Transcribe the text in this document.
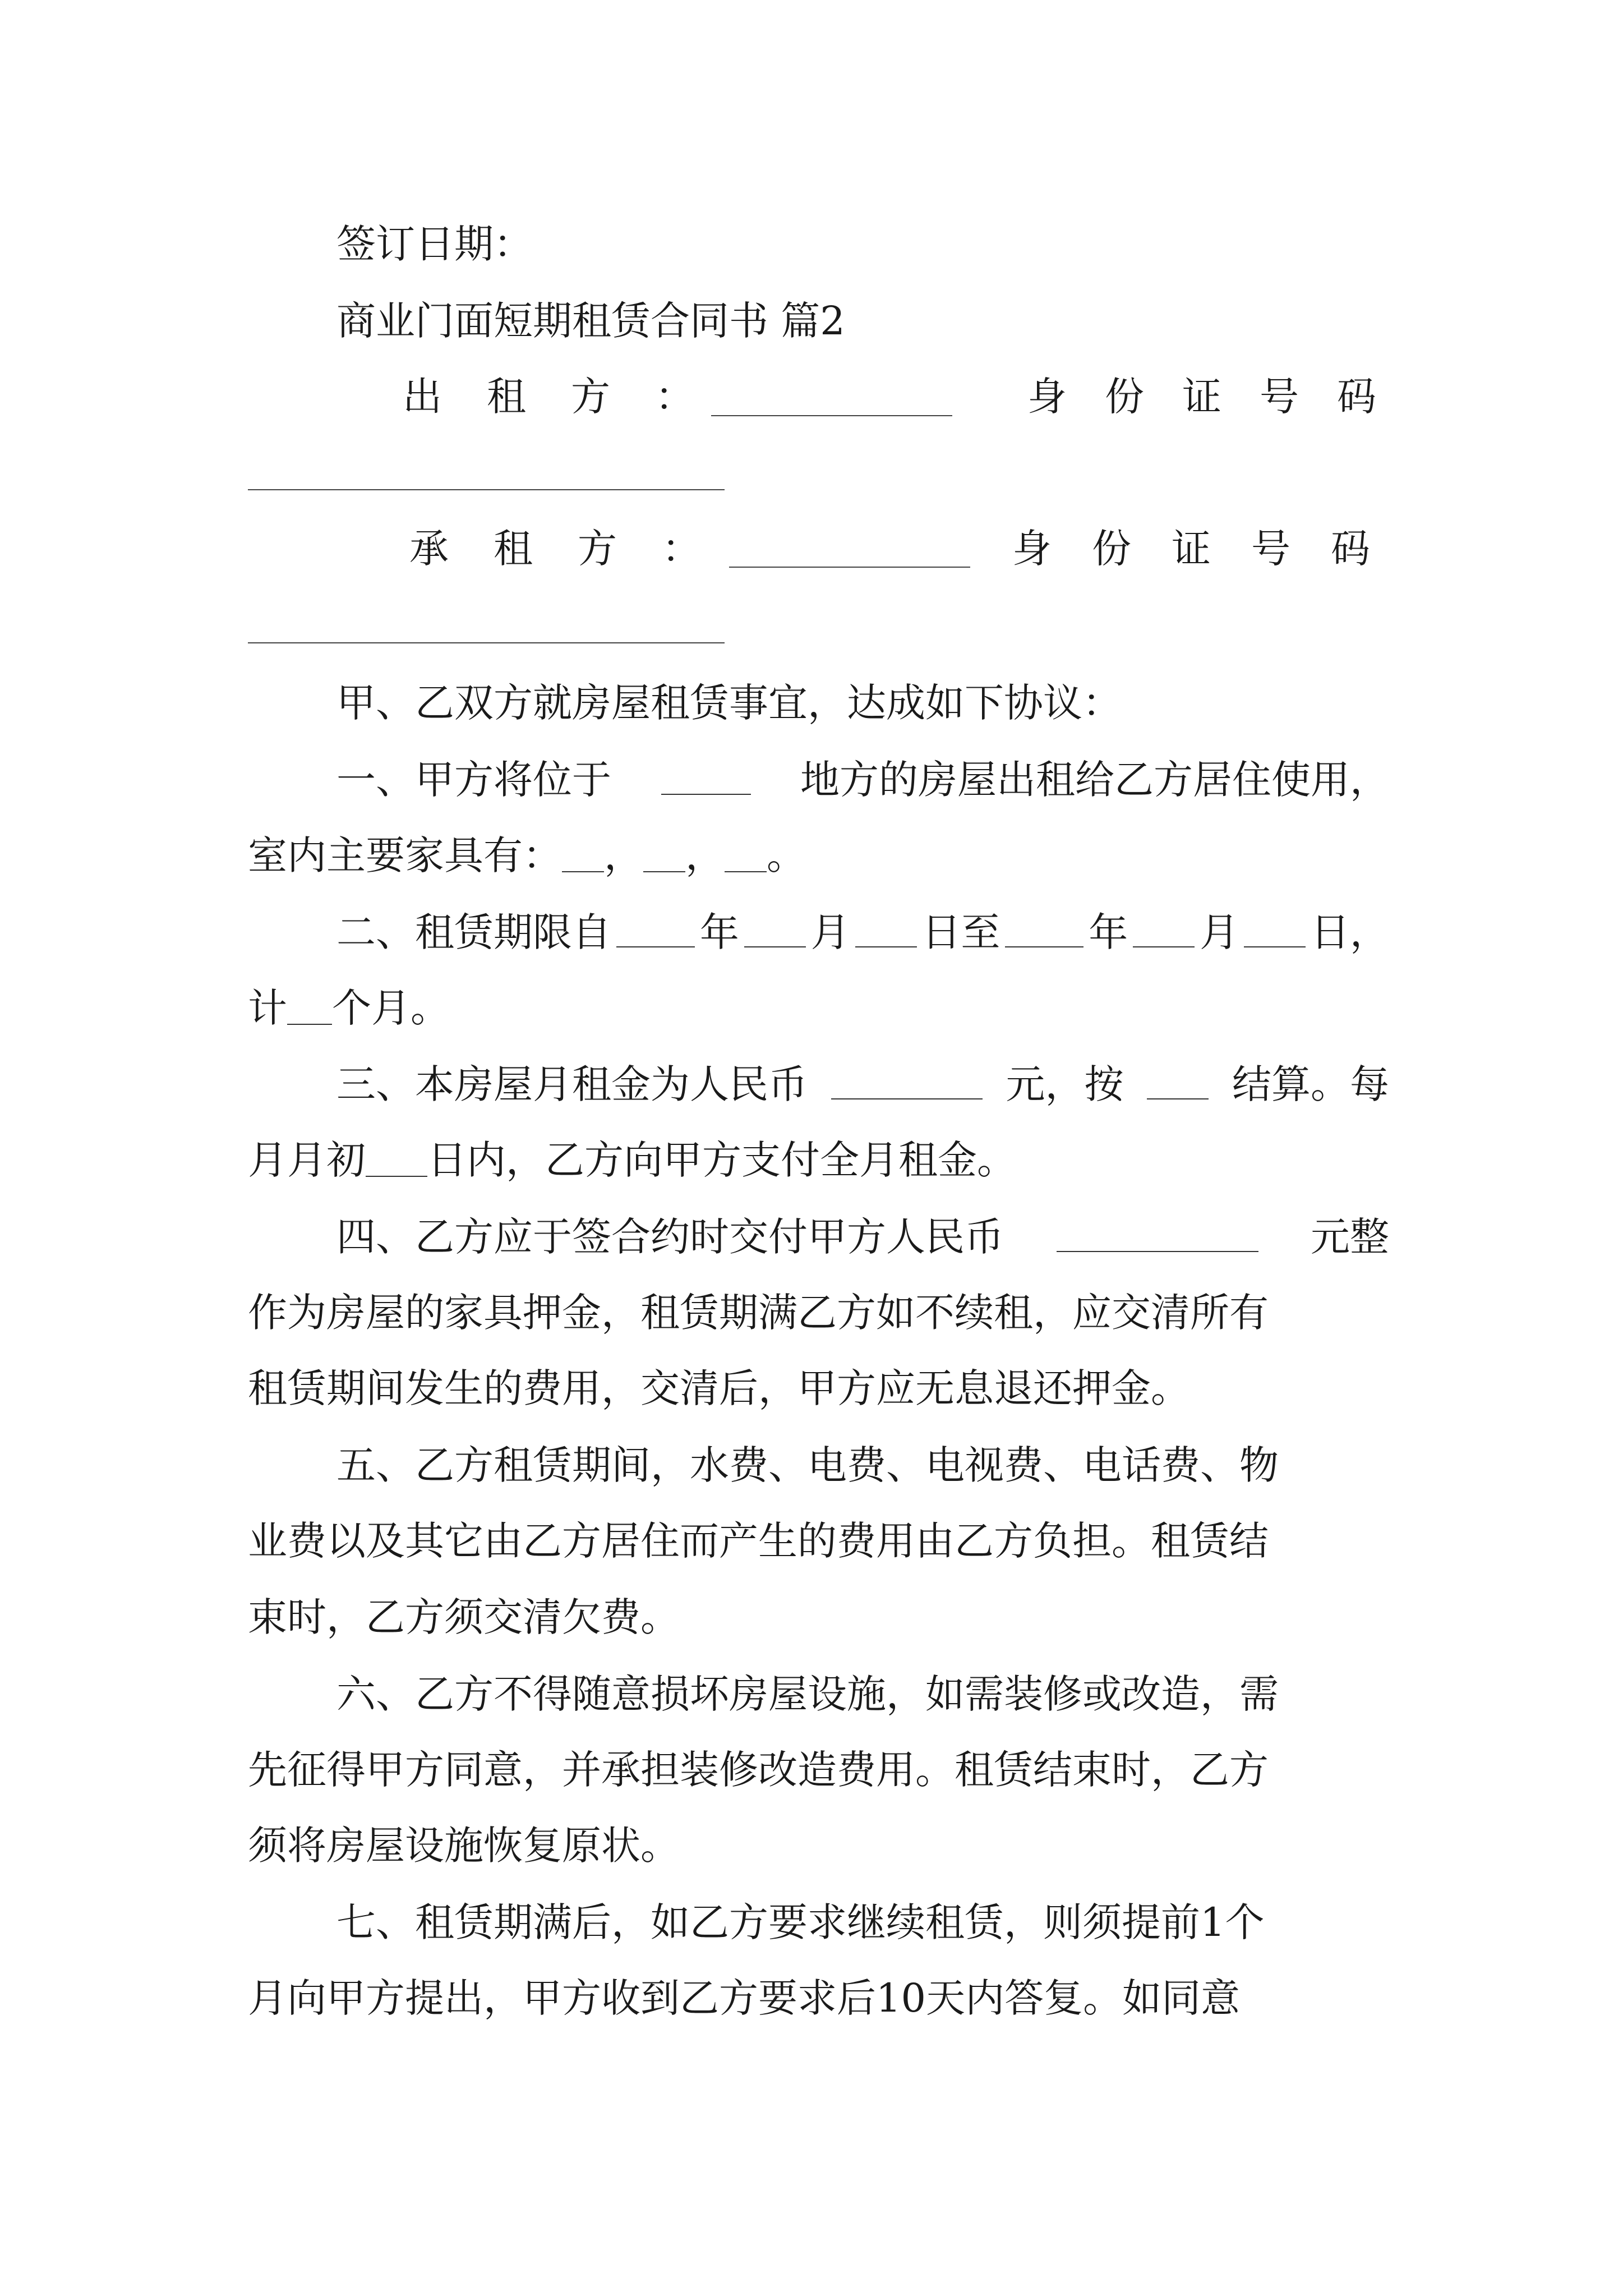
签订日期：
商业门面短期租赁合同书 篇2
出租方：	身份证号码
承租方：	身份证号码
甲、乙双方就房屋租赁事宜，达成如下协议：
一、甲方将位于	地方的房屋出租给乙方居住使用，
室内主要家具有： ， ， 。
二、租赁期限自 年 月 日至 年 月 日，
计 个月。
三、本房屋月租金为人民币	元，按	结算。每
月月初 日内，乙方向甲方支付全月租金。
四、乙方应于签合约时交付甲方人民币	元整
作为房屋的家具押金，租赁期满乙方如不续租，应交清所有
租赁期间发生的费用，交清后，甲方应无息退还押金。
五、乙方租赁期间，水费、电费、电视费、电话费、物
业费以及其它由乙方居住而产生的费用由乙方负担。租赁结
束时，乙方须交清欠费。
六、乙方不得随意损坏房屋设施，如需装修或改造，需
先征得甲方同意，并承担装修改造费用。租赁结束时，乙方
须将房屋设施恢复原状。
七、租赁期满后，如乙方要求继续租赁，则须提前1个
月向甲方提出，甲方收到乙方要求后10天内答复。如同意
